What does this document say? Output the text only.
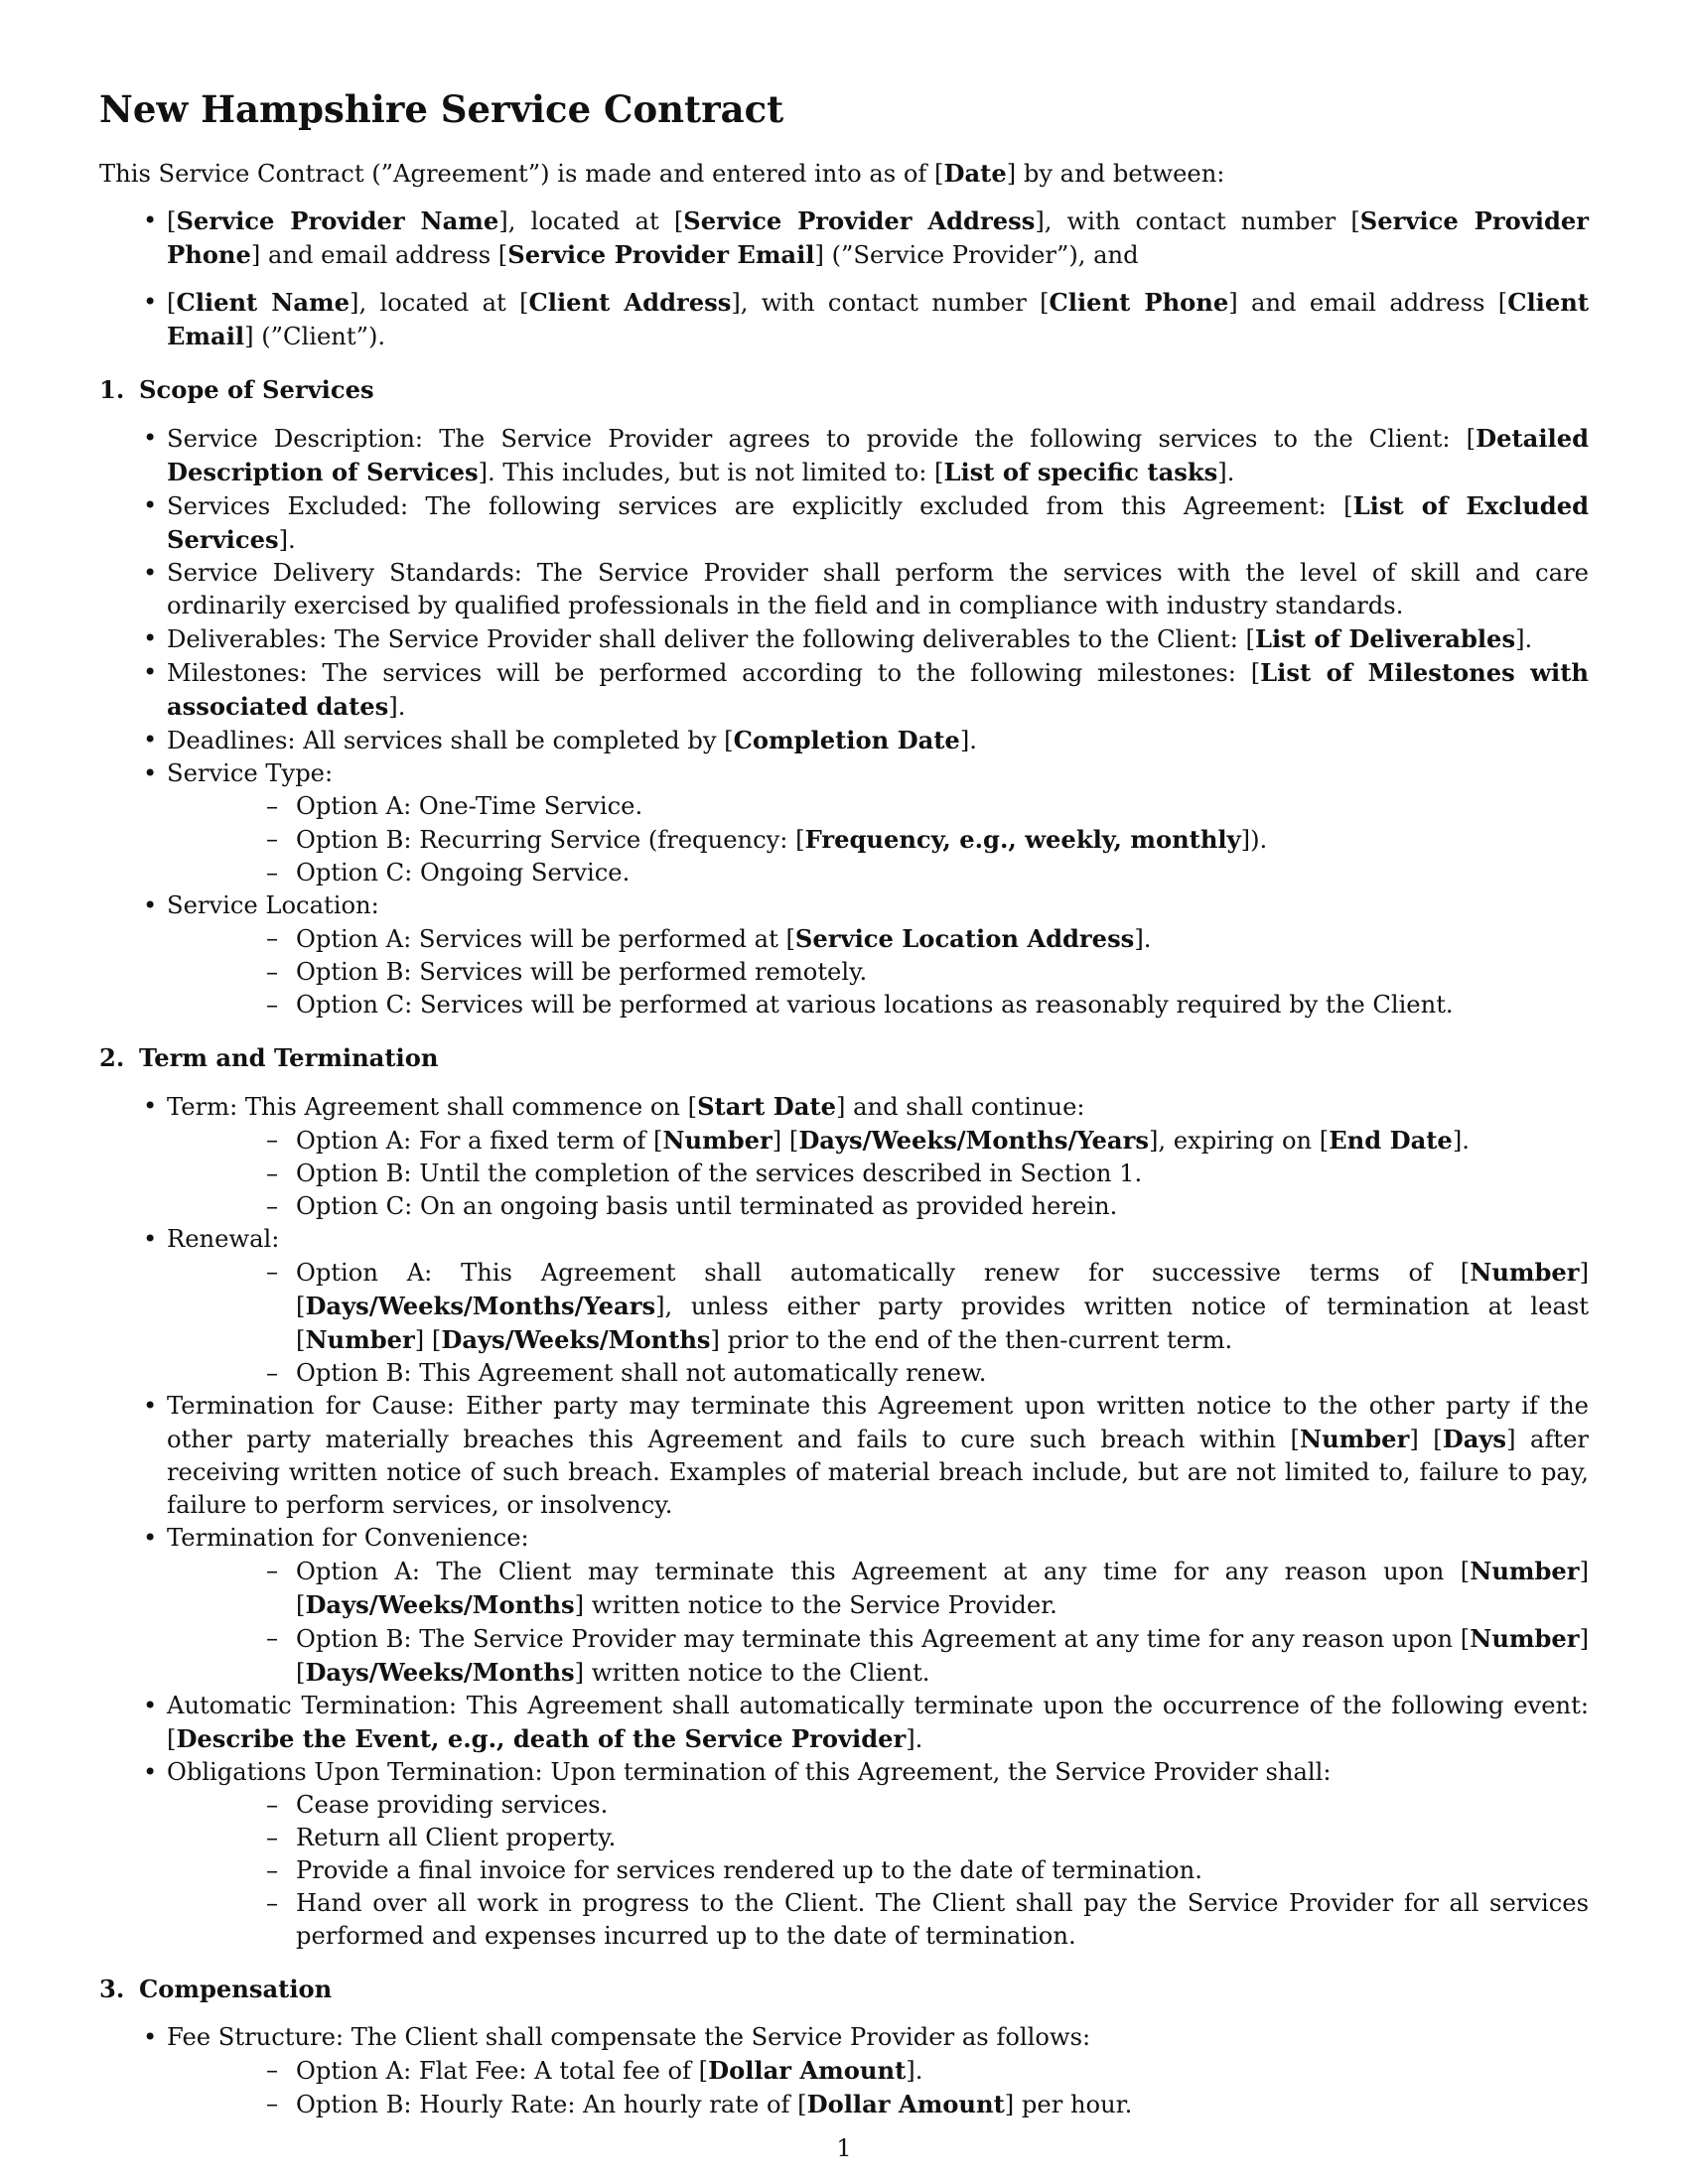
New Hampshire Service Contract

This Service Contract (”Agreement”) is made and entered into as of [Date] by and between:

• [Service Provider Name], located at [Service Provider Address], with contact number [Service Provider Phone] and email address [Service Provider Email] (”Service Provider”), and
• [Client Name], located at [Client Address], with contact number [Client Phone] and email address [Client Email] (”Client”).
1. Scope of Services
• Service Description: The Service Provider agrees to provide the following services to the Client: [Detailed Description of Services]. This includes, but is not limited to: [List of specific tasks].
• Services Excluded: The following services are explicitly excluded from this Agreement: [List of Excluded Services].
• Service Delivery Standards: The Service Provider shall perform the services with the level of skill and care ordinarily exercised by qualified professionals in the field and in compliance with industry standards.
• Deliverables: The Service Provider shall deliver the following deliverables to the Client: [List of Deliverables].
• Milestones: The services will be performed according to the following milestones: [List of Milestones with associated dates].
• Deadlines: All services shall be completed by [Completion Date].
• Service Type:
– Option A: One-Time Service.
– Option B: Recurring Service (frequency: [Frequency, e.g., weekly, monthly]).
– Option C: Ongoing Service.
• Service Location:
– Option A: Services will be performed at [Service Location Address].
– Option B: Services will be performed remotely.
– Option C: Services will be performed at various locations as reasonably required by the Client.
2. Term and Termination
• Term: This Agreement shall commence on [Start Date] and shall continue:
– Option A: For a fixed term of [Number] [Days/Weeks/Months/Years], expiring on [End Date].
– Option B: Until the completion of the services described in Section 1.
– Option C: On an ongoing basis until terminated as provided herein.
• Renewal:
– Option A: This Agreement shall automatically renew for successive terms of [Number] [Days/Weeks/Months/Years], unless either party provides written notice of termination at least [Number] [Days/Weeks/Months] prior to the end of the then-current term.
– Option B: This Agreement shall not automatically renew.
• Termination for Cause: Either party may terminate this Agreement upon written notice to the other party if the other party materially breaches this Agreement and fails to cure such breach within [Number] [Days] after receiving written notice of such breach. Examples of material breach include, but are not limited to, failure to pay, failure to perform services, or insolvency.
• Termination for Convenience:
– Option A: The Client may terminate this Agreement at any time for any reason upon [Number] [Days/Weeks/Months] written notice to the Service Provider.
– Option B: The Service Provider may terminate this Agreement at any time for any reason upon [Number] [Days/Weeks/Months] written notice to the Client.
• Automatic Termination: This Agreement shall automatically terminate upon the occurrence of the following event: [Describe the Event, e.g., death of the Service Provider].
• Obligations Upon Termination: Upon termination of this Agreement, the Service Provider shall:
– Cease providing services.
– Return all Client property.
– Provide a final invoice for services rendered up to the date of termination.
– Hand over all work in progress to the Client. The Client shall pay the Service Provider for all services performed and expenses incurred up to the date of termination.
3. Compensation
• Fee Structure: The Client shall compensate the Service Provider as follows:
– Option A: Flat Fee: A total fee of [Dollar Amount].
– Option B: Hourly Rate: An hourly rate of [Dollar Amount] per hour.
1
